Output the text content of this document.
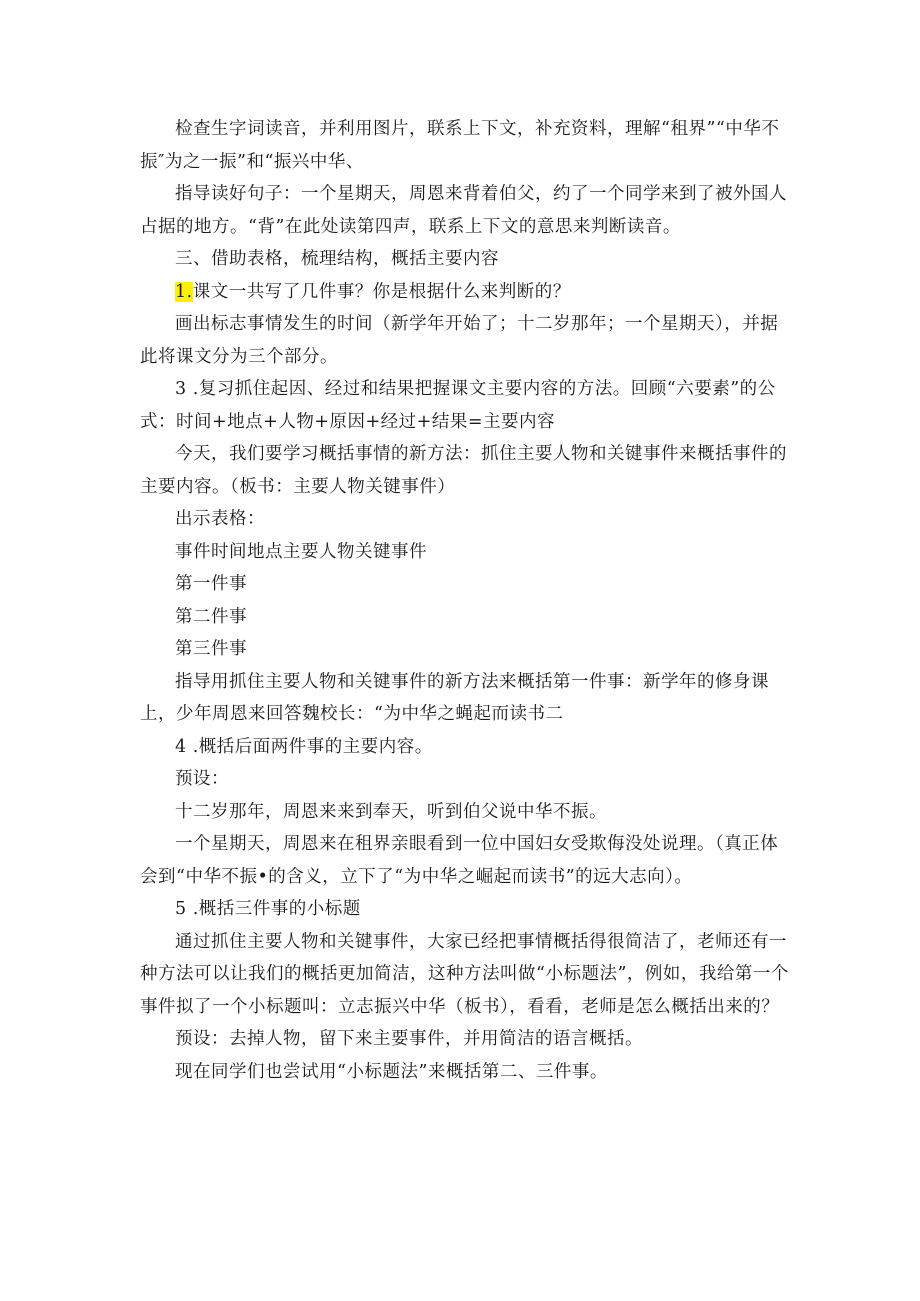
检查生字词读音，并利用图片，联系上下文，补充资料，理解“租界”“中华不振″为之一振”和“振兴中华、

指导读好句子：一个星期天，周恩来背着伯父，约了一个同学来到了被外国人占据的地方。“背”在此处读第四声，联系上下文的意思来判断读音。

三、借助表格，梳理结构，概括主要内容

1.课文一共写了几件事？你是根据什么来判断的？

画出标志事情发生的时间（新学年开始了；十二岁那年；一个星期天），并据此将课文分为三个部分。

3 .复习抓住起因、经过和结果把握课文主要内容的方法。回顾“六要素”的公式：时间+地点+人物+原因+经过+结果=主要内容

今天，我们要学习概括事情的新方法：抓住主要人物和关键事件来概括事件的主要内容。（板书：主要人物关键事件）

出示表格：

事件时间地点主要人物关键事件

第一件事

第二件事

第三件事

指导用抓住主要人物和关键事件的新方法来概括第一件事：新学年的修身课上，少年周恩来回答魏校长：“为中华之蝇起而读书二

4 .概括后面两件事的主要内容。

预设：

十二岁那年，周恩来来到奉天，听到伯父说中华不振。

一个星期天，周恩来在租界亲眼看到一位中国妇女受欺侮没处说理。（真正体会到“中华不振•的含义，立下了“为中华之崛起而读书”的远大志向）。

5 .概括三件事的小标题

通过抓住主要人物和关键事件，大家已经把事情概括得很简洁了，老师还有一种方法可以让我们的概括更加简洁，这种方法叫做“小标题法”，例如，我给第一个事件拟了一个小标题叫：立志振兴中华（板书），看看，老师是怎么概括出来的？

预设：去掉人物，留下来主要事件，并用简洁的语言概括。

现在同学们也尝试用“小标题法”来概括第二、三件事。
